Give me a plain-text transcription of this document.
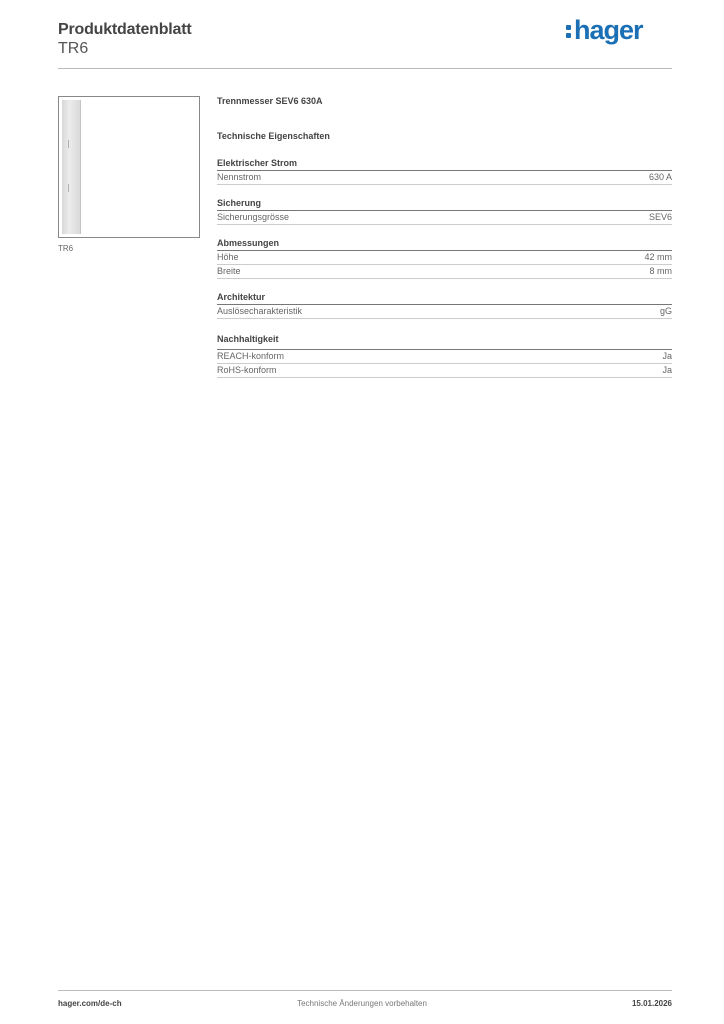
Produktdatenblatt
TR6
hager
TR6
Trennmesser SEV6 630A
Technische Eigenschaften
Elektrischer Strom
Nennstrom	630 A
Sicherung
Sicherungsgrösse	SEV6
Abmessungen
Höhe	42 mm
Breite	8 mm
Architektur
Auslösecharakteristik	gG
Nachhaltigkeit
REACH-konform	Ja
RoHS-konform	Ja
hager.com/de-ch	Technische Änderungen vorbehalten	15.01.2026
